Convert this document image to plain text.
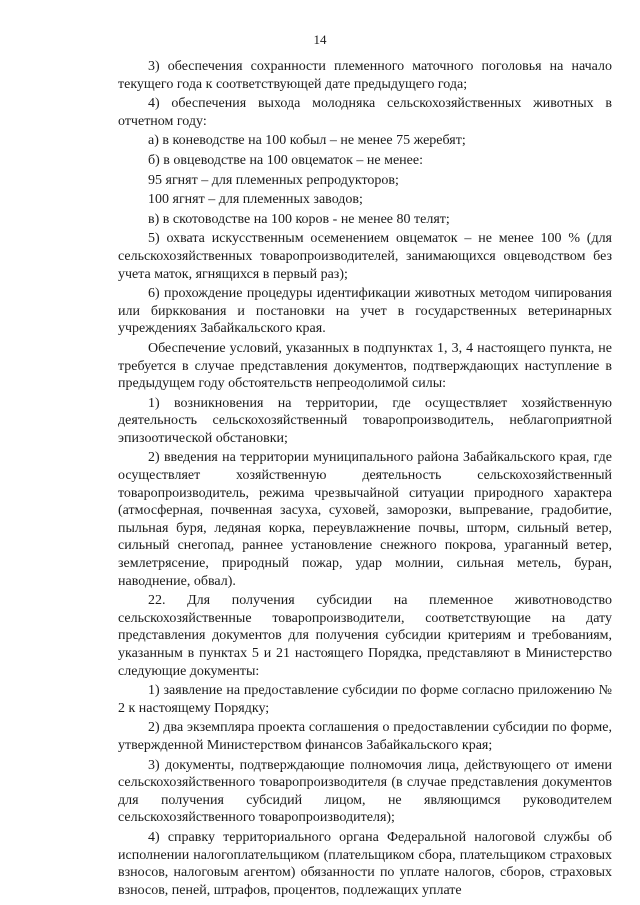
14

3) обеспечения сохранности племенного маточного поголовья на начало текущего года к соответствующей дате предыдущего года;

4) обеспечения выхода молодняка сельскохозяйственных животных в отчетном году:

а) в коневодстве на 100 кобыл – не менее 75 жеребят;

б) в овцеводстве на 100 овцематок – не менее:

95 ягнят – для племенных репродукторов;

100 ягнят – для племенных заводов;

в) в скотоводстве на 100 коров - не менее 80 телят;

5) охвата искусственным осеменением овцематок – не менее 100 % (для сельскохозяйственных товаропроизводителей, занимающихся овцеводством без учета маток, ягнящихся в первый раз);

6) прохождение процедуры идентификации животных методом чипирования или бирккования и постановки на учет в государственных ветеринарных учреждениях Забайкальского края.

Обеспечение условий, указанных в подпунктах 1, 3, 4 настоящего пункта, не требуется в случае представления документов, подтверждающих наступление в предыдущем году обстоятельств непреодолимой силы:

1) возникновения на территории, где осуществляет хозяйственную деятельность сельскохозяйственный товаропроизводитель, неблагоприятной эпизоотической обстановки;

2) введения на территории муниципального района Забайкальского края, где осуществляет хозяйственную деятельность сельскохозяйственный товаропроизводитель, режима чрезвычайной ситуации природного характера (атмосферная, почвенная засуха, суховей, заморозки, выпревание, градобитие, пыльная буря, ледяная корка, переувлажнение почвы, шторм, сильный ветер, сильный снегопад, раннее установление снежного покрова, ураганный ветер, землетрясение, природный пожар, удар молнии, сильная метель, буран, наводнение, обвал).

22. Для получения субсидии на племенное животноводство сельскохозяйственные товаропроизводители, соответствующие на дату представления документов для получения субсидии критериям и требованиям, указанным в пунктах 5 и 21 настоящего Порядка, представляют в Министерство следующие документы:

1) заявление на предоставление субсидии по форме согласно приложению № 2 к настоящему Порядку;

2) два экземпляра проекта соглашения о предоставлении субсидии по форме, утвержденной Министерством финансов Забайкальского края;

3) документы, подтверждающие полномочия лица, действующего от имени сельскохозяйственного товаропроизводителя (в случае представления документов для получения субсидий лицом, не являющимся руководителем сельскохозяйственного товаропроизводителя);

4) справку территориального органа Федеральной налоговой службы об исполнении налогоплательщиком (плательщиком сбора, плательщиком страховых взносов, налоговым агентом) обязанности по уплате налогов, сборов, страховых взносов, пеней, штрафов, процентов, подлежащих уплате
